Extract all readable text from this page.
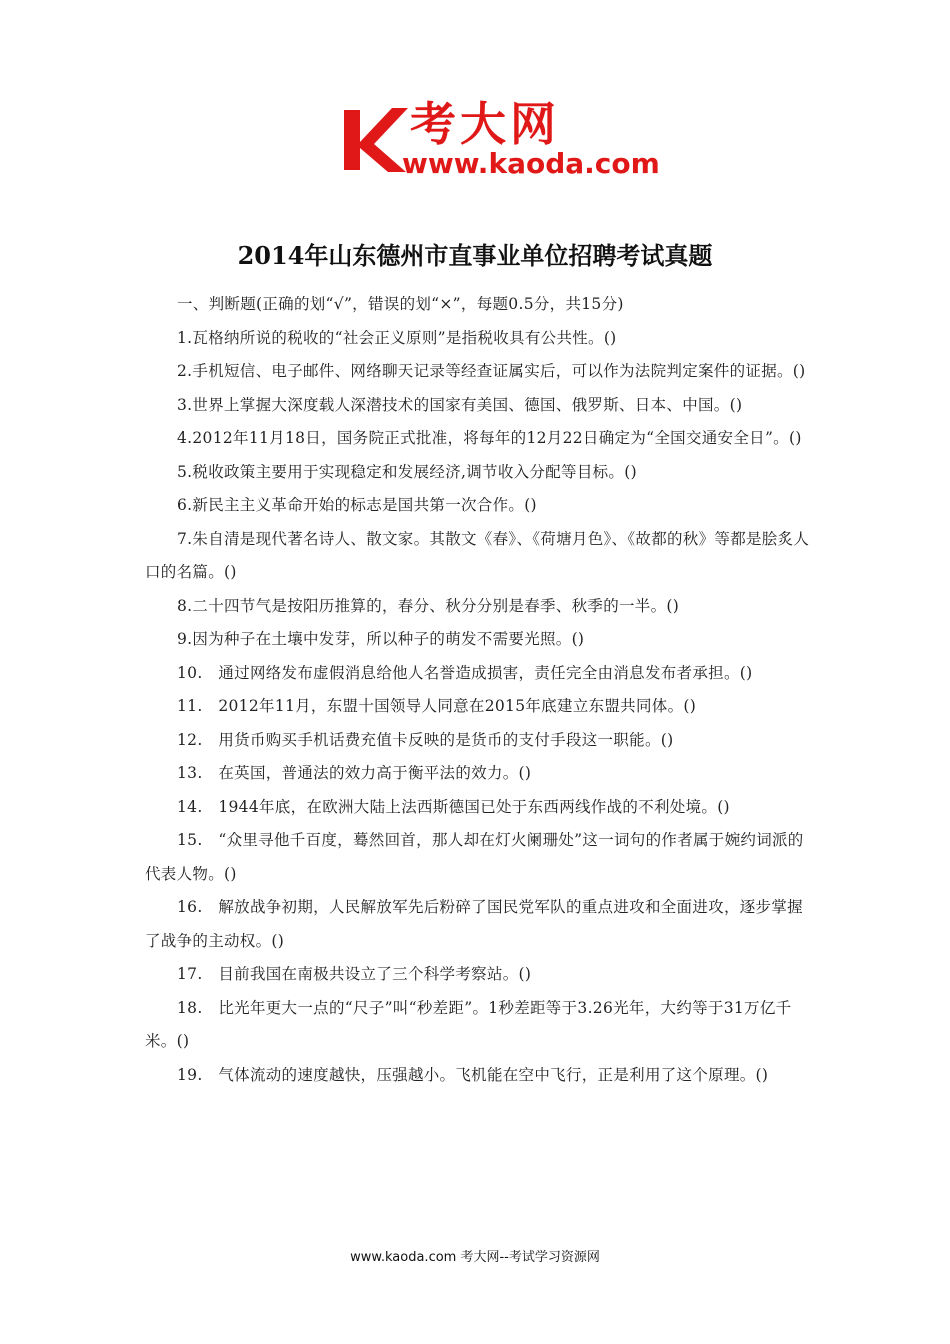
考大网
www.kaoda.com
2014年山东德州市直事业单位招聘考试真题

一、判断题(正确的划“√”，错误的划“×”，每题0.5分，共15分)

1.瓦格纳所说的税收的“社会正义原则”是指税收具有公共性。()

2.手机短信、电子邮件、网络聊天记录等经查证属实后，可以作为法院判定案件的证据。()

3.世界上掌握大深度载人深潜技术的国家有美国、德国、俄罗斯、日本、中国。()

4.2012年11月18日，国务院正式批准，将每年的12月22日确定为“全国交通安全日”。()

5.税收政策主要用于实现稳定和发展经济,调节收入分配等目标。()

6.新民主主义革命开始的标志是国共第一次合作。()

7.朱自清是现代著名诗人、散文家。其散文《春》、《荷塘月色》、《故都的秋》等都是脍炙人口的名篇。()

8.二十四节气是按阳历推算的，春分、秋分分别是春季、秋季的一半。()

9.因为种子在土壤中发芽，所以种子的萌发不需要光照。()

10.　通过网络发布虚假消息给他人名誉造成损害，责任完全由消息发布者承担。()

11.　2012年11月，东盟十国领导人同意在2015年底建立东盟共同体。()

12.　用货币购买手机话费充值卡反映的是货币的支付手段这一职能。()

13.　在英国，普通法的效力高于衡平法的效力。()

14.　1944年底，在欧洲大陆上法西斯德国已处于东西两线作战的不利处境。()

15.　“众里寻他千百度，蓦然回首，那人却在灯火阑珊处”这一词句的作者属于婉约词派的代表人物。()

16.　解放战争初期，人民解放军先后粉碎了国民党军队的重点进攻和全面进攻，逐步掌握了战争的主动权。()

17.　目前我国在南极共设立了三个科学考察站。()

18.　比光年更大一点的“尺子”叫“秒差距”。1秒差距等于3.26光年，大约等于31万亿千米。()

19.　气体流动的速度越快，压强越小。飞机能在空中飞行，正是利用了这个原理。()

www.kaoda.com 考大网--考试学习资源网
